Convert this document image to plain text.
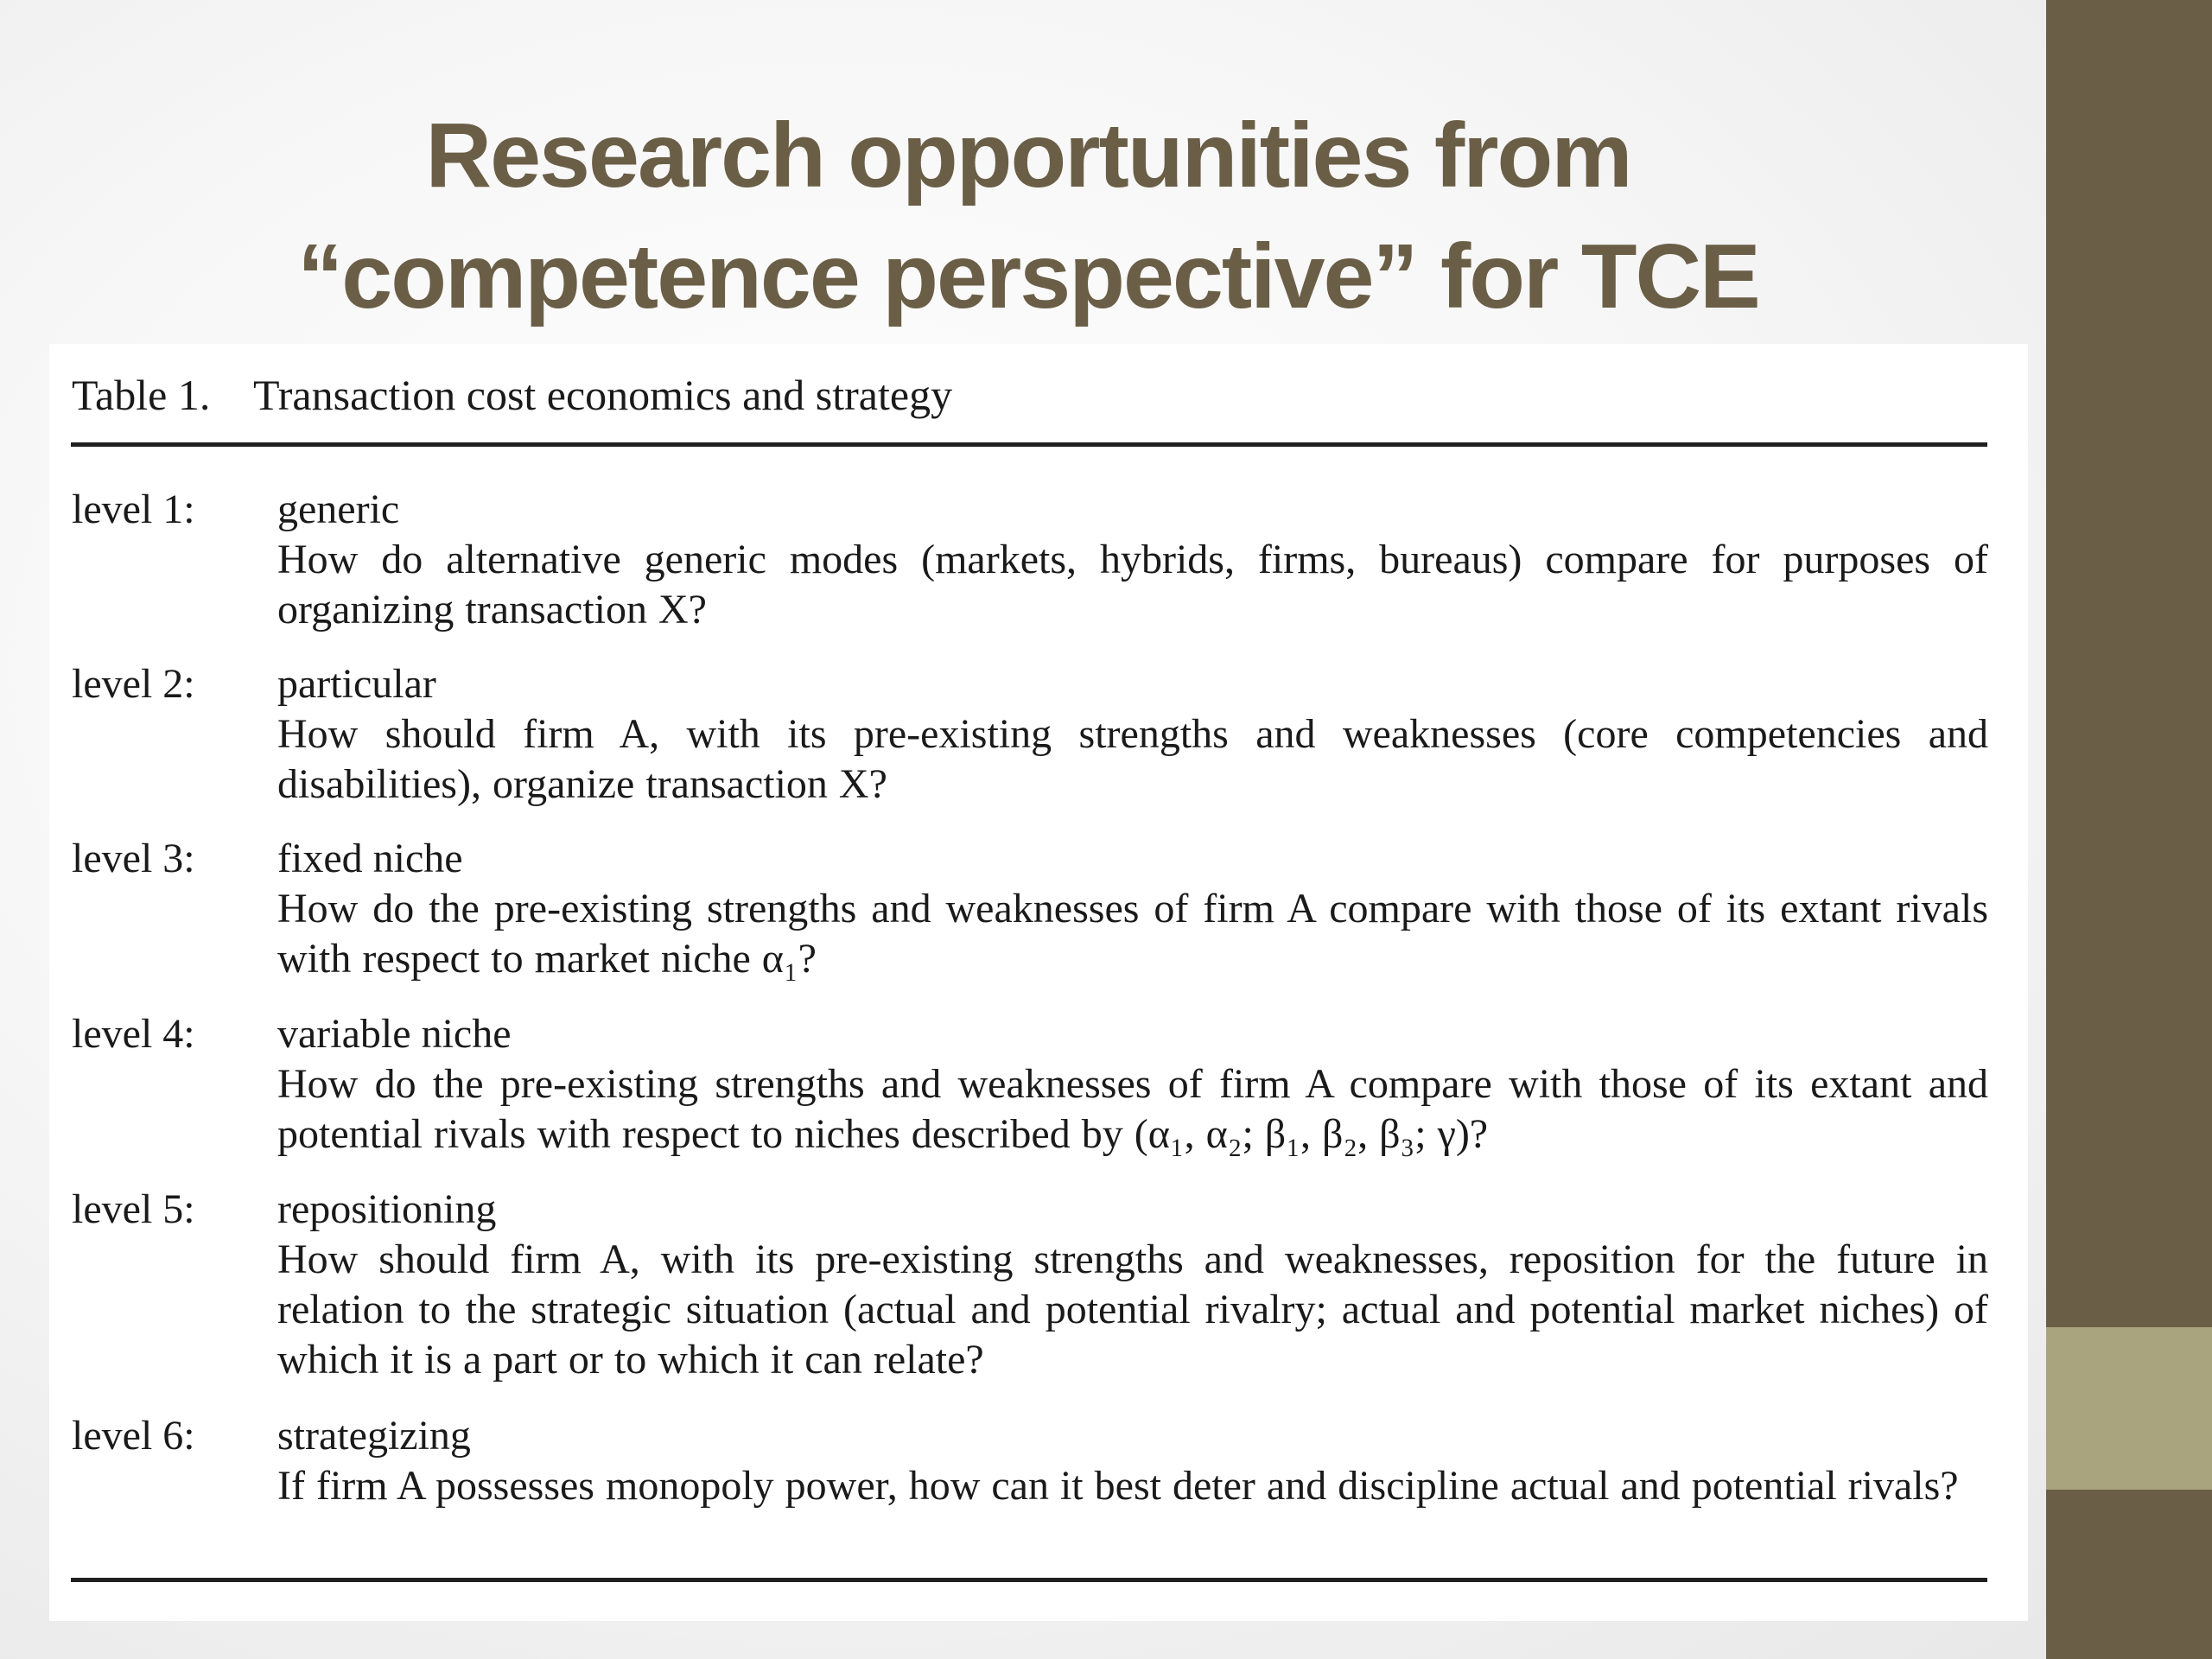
Research opportunities from
“competence perspective” for TCE
Table 1. Transaction cost economics and strategy
level 1: generic
How do alternative generic modes (markets, hybrids, firms, bureaus) compare for purposes of organizing transaction X?
level 2: particular
How should firm A, with its pre-existing strengths and weaknesses (core competencies and disabilities), organize transaction X?
level 3: fixed niche
How do the pre-existing strengths and weaknesses of firm A compare with those of its extant rivals with respect to market niche α₁?
level 4: variable niche
How do the pre-existing strengths and weaknesses of firm A compare with those of its extant and potential rivals with respect to niches described by (α₁, α₂; β₁, β₂, β₃; γ)?
level 5: repositioning
How should firm A, with its pre-existing strengths and weaknesses, reposition for the future in relation to the strategic situation (actual and potential rivalry; actual and potential market niches) of which it is a part or to which it can relate?
level 6: strategizing
If firm A possesses monopoly power, how can it best deter and discipline actual and potential rivals?
